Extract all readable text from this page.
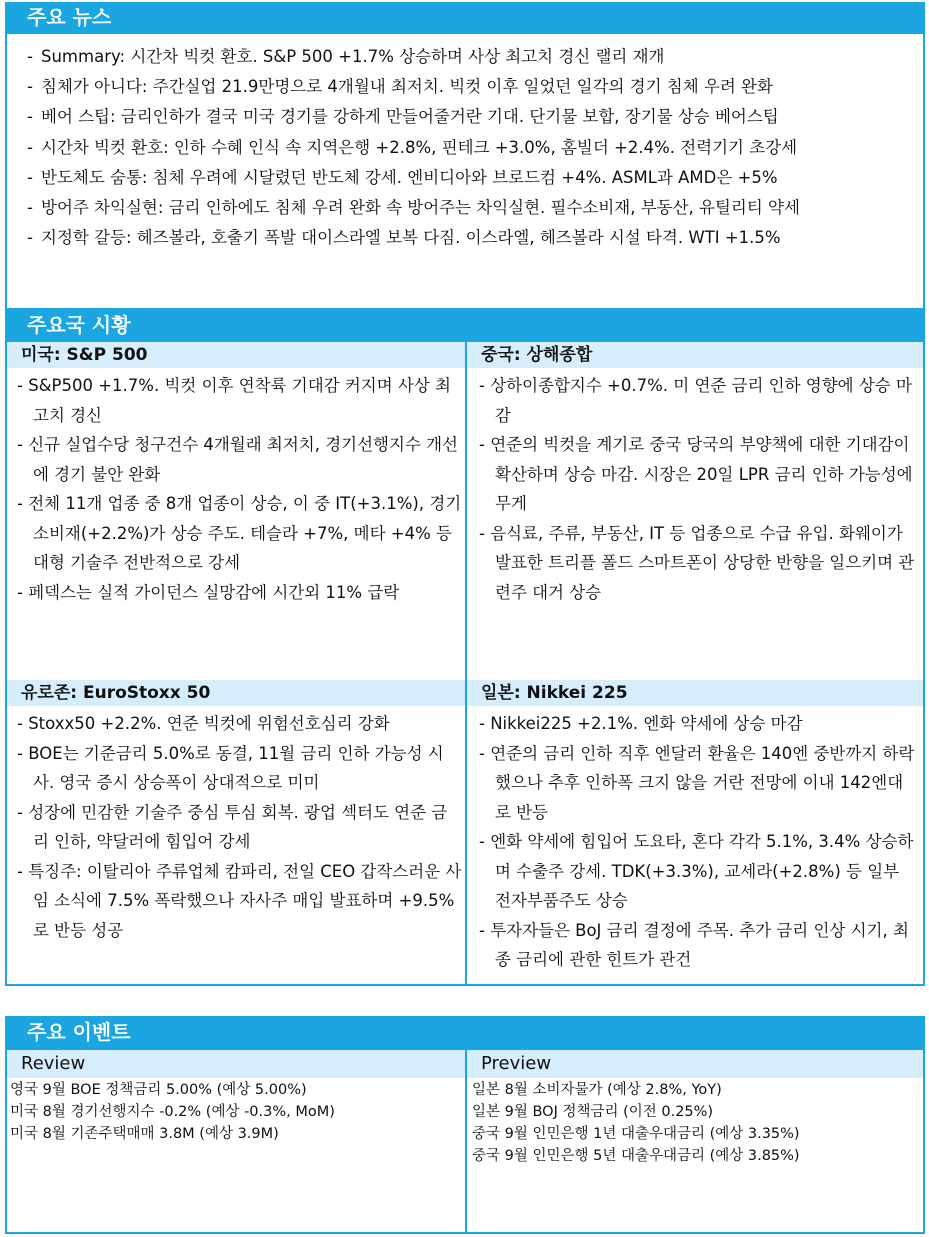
주요 뉴스
- Summary: 시간차 빅컷 환호. S&P 500 +1.7% 상승하며 사상 최고치 경신 랠리 재개
- 침체가 아니다: 주간실업 21.9만명으로 4개월내 최저치. 빅컷 이후 일었던 일각의 경기 침체 우려 완화
- 베어 스팁: 금리인하가 결국 미국 경기를 강하게 만들어줄거란 기대. 단기물 보합, 장기물 상승 베어스팁
- 시간차 빅컷 환호: 인하 수혜 인식 속 지역은행 +2.8%, 핀테크 +3.0%, 홈빌더 +2.4%. 전력기기 초강세
- 반도체도 숨통: 침체 우려에 시달렸던 반도체 강세. 엔비디아와 브로드컴 +4%. ASML과 AMD은 +5%
- 방어주 차익실현: 금리 인하에도 침체 우려 완화 속 방어주는 차익실현. 필수소비재, 부동산, 유틸리티 약세
- 지정학 갈등: 헤즈볼라, 호출기 폭발 대이스라엘 보복 다짐. 이스라엘, 헤즈볼라 시설 타격. WTI +1.5%
주요국 시황
미국: S&P 500
- S&P500 +1.7%. 빅컷 이후 연착륙 기대감 커지며 사상 최고치 경신
- 신규 실업수당 청구건수 4개월래 최저치, 경기선행지수 개선에 경기 불안 완화
- 전체 11개 업종 중 8개 업종이 상승, 이 중 IT(+3.1%), 경기소비재(+2.2%)가 상승 주도. 테슬라 +7%, 메타 +4% 등 대형 기술주 전반적으로 강세
- 페덱스는 실적 가이던스 실망감에 시간외 11% 급락
중국: 상해종합
- 상하이종합지수 +0.7%. 미 연준 금리 인하 영향에 상승 마감
- 연준의 빅컷을 계기로 중국 당국의 부양책에 대한 기대감이 확산하며 상승 마감. 시장은 20일 LPR 금리 인하 가능성에 무게
- 음식료, 주류, 부동산, IT 등 업종으로 수급 유입. 화웨이가 발표한 트리플 폴드 스마트폰이 상당한 반향을 일으키며 관련주 대거 상승
유로존: EuroStoxx 50
- Stoxx50 +2.2%. 연준 빅컷에 위험선호심리 강화
- BOE는 기준금리 5.0%로 동결, 11월 금리 인하 가능성 시사. 영국 증시 상승폭이 상대적으로 미미
- 성장에 민감한 기술주 중심 투심 회복. 광업 섹터도 연준 금리 인하, 약달러에 힘입어 강세
- 특징주: 이탈리아 주류업체 캄파리, 전일 CEO 갑작스러운 사임 소식에 7.5% 폭락했으나 자사주 매입 발표하며 +9.5%로 반등 성공
일본: Nikkei 225
- Nikkei225 +2.1%. 엔화 약세에 상승 마감
- 연준의 금리 인하 직후 엔달러 환율은 140엔 중반까지 하락했으나 추후 인하폭 크지 않을 거란 전망에 이내 142엔대로 반등
- 엔화 약세에 힘입어 도요타, 혼다 각각 5.1%, 3.4% 상승하며 수출주 강세. TDK(+3.3%), 교세라(+2.8%) 등 일부 전자부품주도 상승
- 투자자들은 BoJ 금리 결정에 주목. 추가 금리 인상 시기, 최종 금리에 관한 힌트가 관건
주요 이벤트
Review
영국 9월 BOE 정책금리 5.00% (예상 5.00%)
미국 8월 경기선행지수 -0.2% (예상 -0.3%, MoM)
미국 8월 기존주택매매 3.8M (예상 3.9M)
Preview
일본 8월 소비자물가 (예상 2.8%, YoY)
일본 9월 BOJ 정책금리 (이전 0.25%)
중국 9월 인민은행 1년 대출우대금리 (예상 3.35%)
중국 9월 인민은행 5년 대출우대금리 (예상 3.85%)
